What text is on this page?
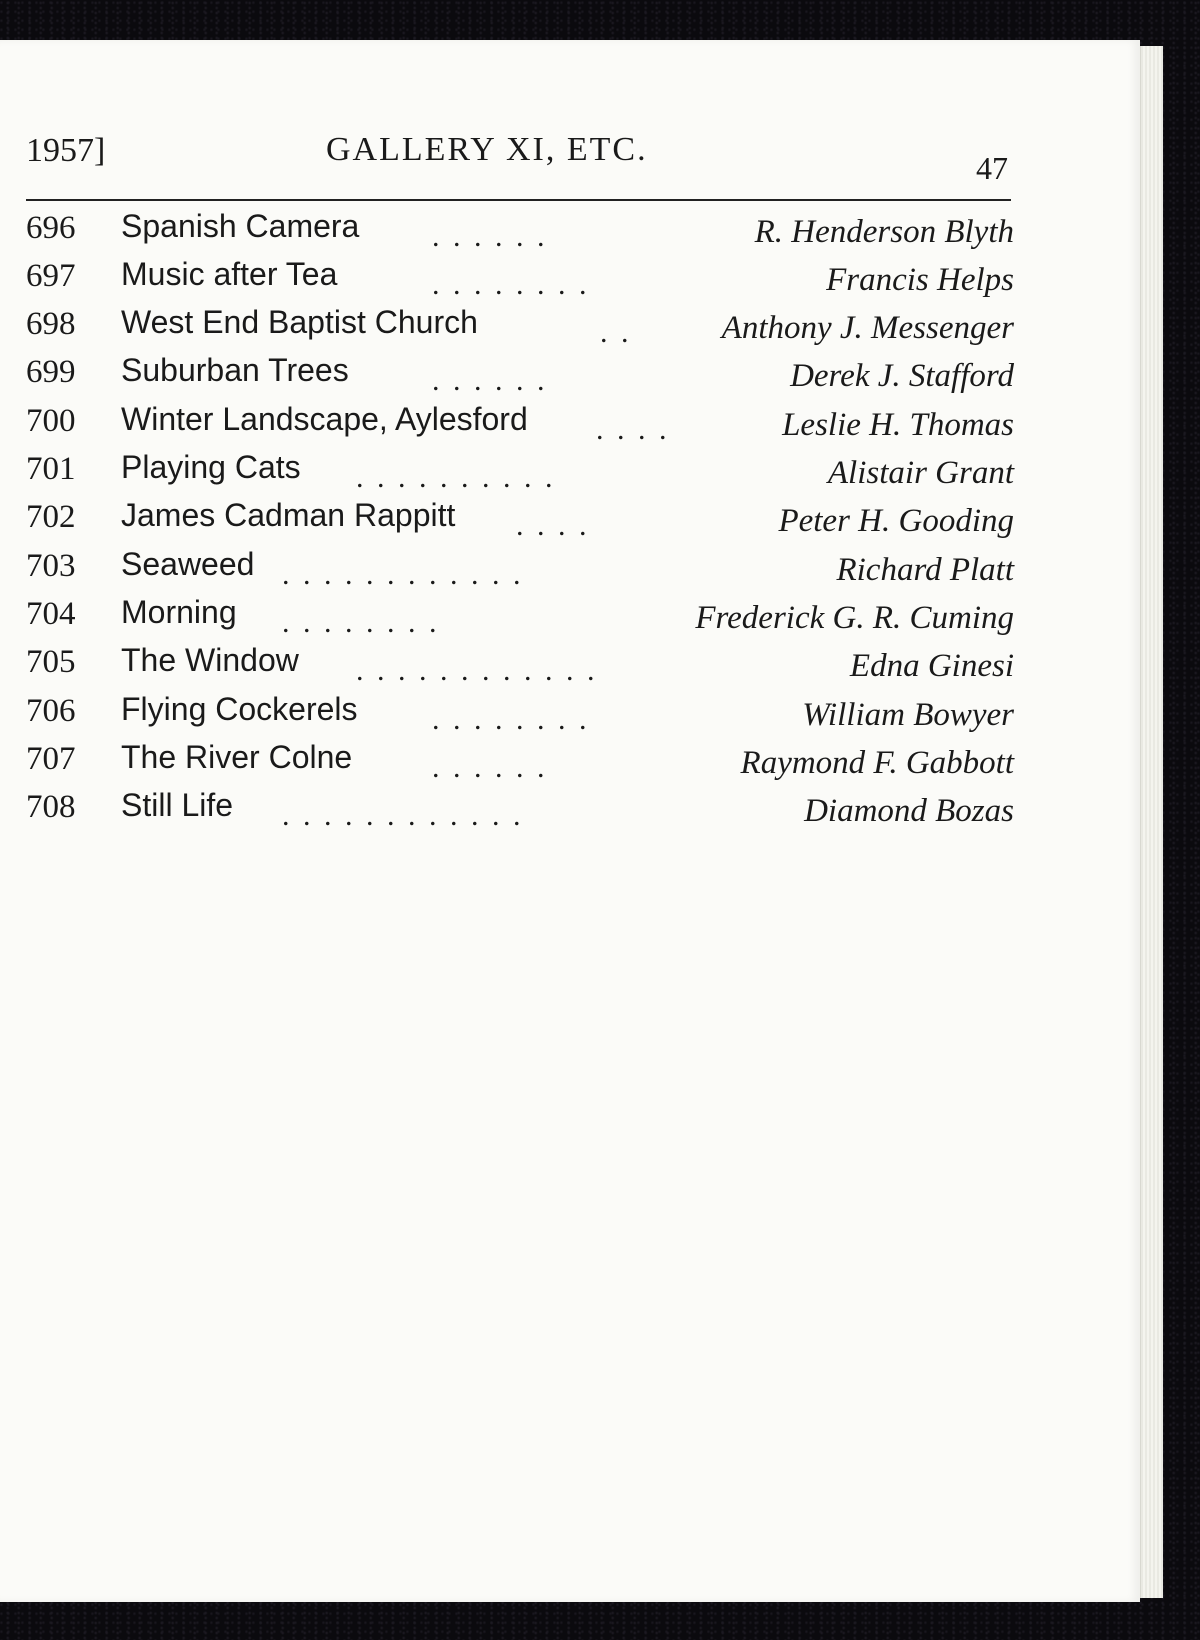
1957]	GALLERY XI, ETC.	47
696 Spanish Camera . . . . . .	R. Henderson Blyth
697 Music after Tea	. . . . . . . .	Francis Helps
698 West End Baptist Church	. .	Anthony J. Messenger
699 Suburban Trees	. . . . . .	Derek J. Stafford
700 Winter Landscape, Aylesford . . . .	Leslie H. Thomas
701 Playing Cats . . . . . . . . . .	Alistair Grant
702 James Cadman Rappitt . . . .	Peter H. Gooding
703 Seaweed . . . . . . . . . . . .	Richard Platt
704 Morning . . . . . . . .	Frederick G. R. Cuming
705 The Window . . . . . . . . . . . .	Edna Ginesi
706 Flying Cockerels . . . . . . . .	William Bowyer
707 The River Colne	. . . . . .	Raymond F. Gabbott
708 Still Life . . . . . . . . . . . .	Diamond Bozas
